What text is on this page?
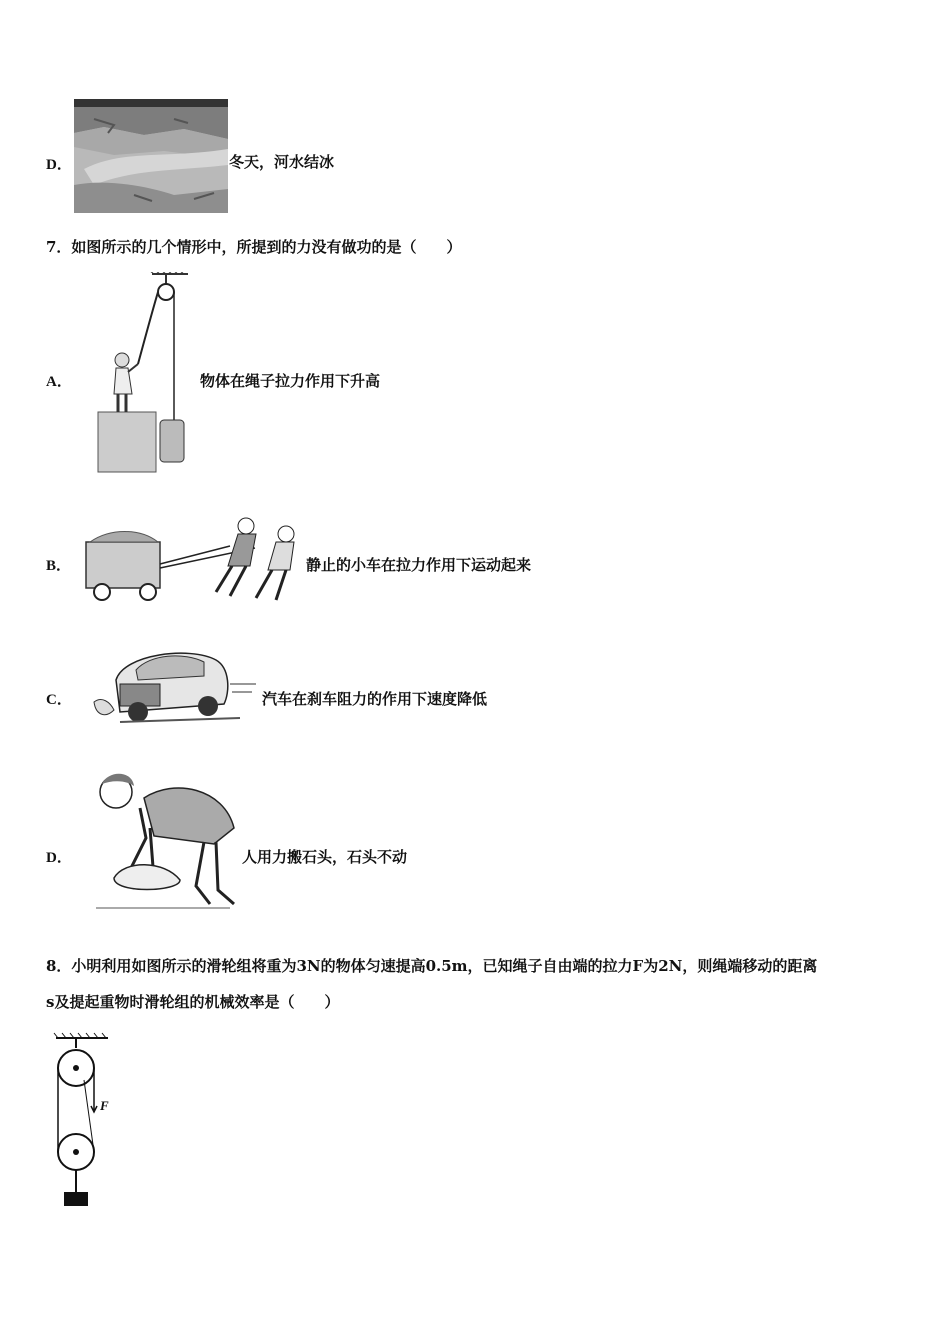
D．	冬天，河水结冰
7．如图所示的几个情形中，所提到的力没有做功的是（　　）
A．	物体在绳子拉力作用下升高
B．	静止的小车在拉力作用下运动起来
C．	汽车在刹车阻力的作用下速度降低
D．	人用力搬石头，石头不动
8．小明利用如图所示的滑轮组将重为3N的物体匀速提高0.5m，已知绳子自由端的拉力F为2N，则绳端移动的距离
s及提起重物时滑轮组的机械效率是（　　）
F
